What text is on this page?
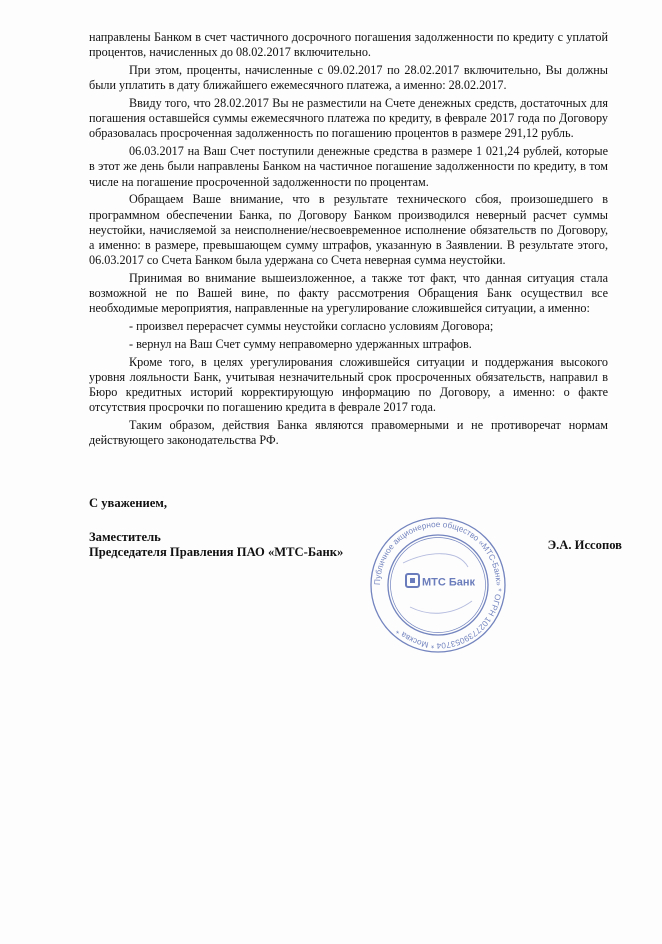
направлены Банком в счет частичного досрочного погашения задолженности по кредиту с уплатой процентов, начисленных до 08.02.2017 включительно.

При этом, проценты, начисленные с 09.02.2017 по 28.02.2017 включительно, Вы должны были уплатить в дату ближайшего ежемесячного платежа, а именно: 28.02.2017.

Ввиду того, что 28.02.2017 Вы не разместили на Счете денежных средств, достаточных для погашения оставшейся суммы ежемесячного платежа по кредиту, в феврале 2017 года по Договору образовалась просроченная задолженность по погашению процентов в размере 291,12 рубль.

06.03.2017 на Ваш Счет поступили денежные средства в размере 1 021,24 рублей, которые в этот же день были направлены Банком на частичное погашение задолженности по кредиту, в том числе на погашение просроченной задолженности по процентам.

Обращаем Ваше внимание, что в результате технического сбоя, произошедшего в программном обеспечении Банка, по Договору Банком производился неверный расчет суммы неустойки, начисляемой за неисполнение/несвоевременное исполнение обязательств по Договору, а именно: в размере, превышающем сумму штрафов, указанную в Заявлении. В результате этого, 06.03.2017 со Счета Банком была удержана со Счета неверная сумма неустойки.

Принимая во внимание вышеизложенное, а также тот факт, что данная ситуация стала возможной не по Вашей вине, по факту рассмотрения Обращения Банк осуществил все необходимые мероприятия, направленные на урегулирование сложившейся ситуации, а именно:

- произвел перерасчет суммы неустойки согласно условиям Договора;

- вернул на Ваш Счет сумму неправомерно удержанных штрафов.

Кроме того, в целях урегулирования сложившейся ситуации и поддержания высокого уровня лояльности Банк, учитывая незначительный срок просроченных обязательств, направил в Бюро кредитных историй корректирующую информацию по Договору, а именно: о факте отсутствия просрочки по погашению кредита в феврале 2017 года.

Таким образом, действия Банка являются правомерными и не противоречат нормам действующего законодательства РФ.

С уважением,
Заместитель
Председателя Правления ПАО «МТС-Банк»	Э.А. Иссопов
Публичное акционерное общество «МТС-Банк» * ОГРН 1027739053704 * Москва *
МТС Банк
